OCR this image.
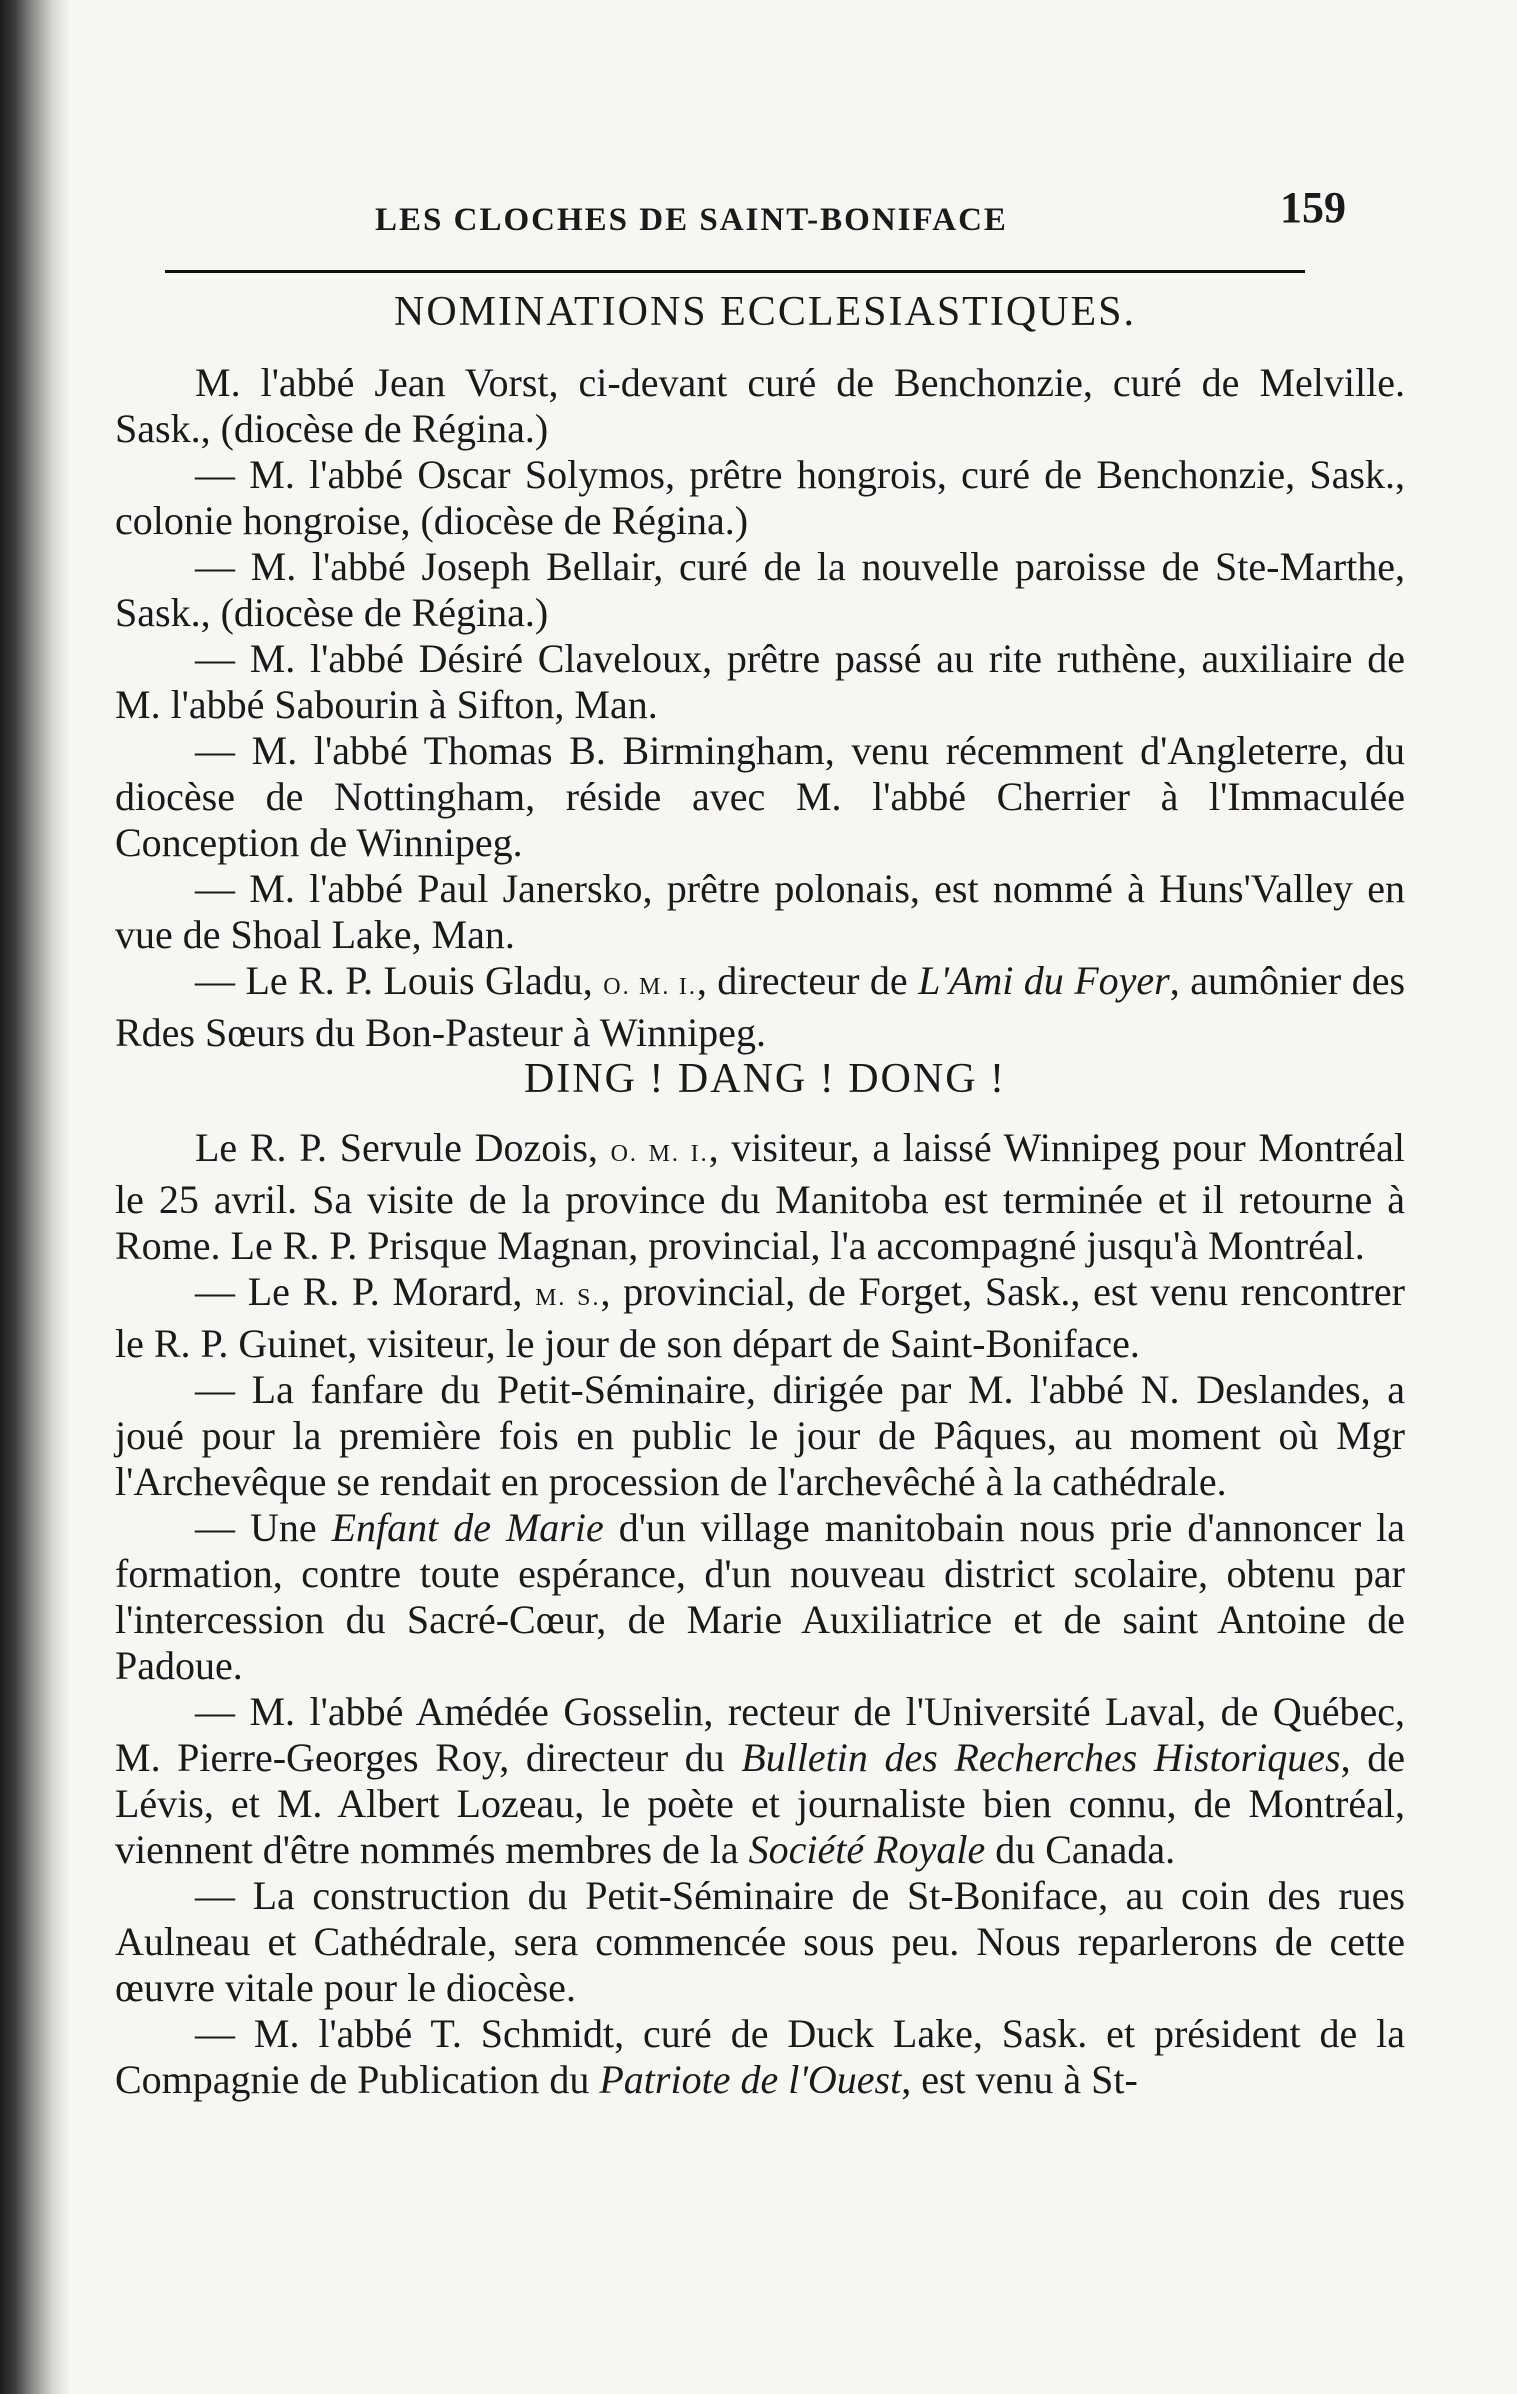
LES CLOCHES DE SAINT-BONIFACE	159
NOMINATIONS ECCLESIASTIQUES.

M. l'abbé Jean Vorst, ci-devant curé de Benchonzie, curé de Melville. Sask., (diocèse de Régina.)

— M. l'abbé Oscar Solymos, prêtre hongrois, curé de Benchonzie, Sask., colonie hongroise, (diocèse de Régina.)

— M. l'abbé Joseph Bellair, curé de la nouvelle paroisse de Ste-Marthe, Sask., (diocèse de Régina.)

— M. l'abbé Désiré Claveloux, prêtre passé au rite ruthène, auxiliaire de M. l'abbé Sabourin à Sifton, Man.

— M. l'abbé Thomas B. Birmingham, venu récemment d'Angleterre, du diocèse de Nottingham, réside avec M. l'abbé Cherrier à l'Immaculée Conception de Winnipeg.

— M. l'abbé Paul Janersko, prêtre polonais, est nommé à Huns'Valley en vue de Shoal Lake, Man.

— Le R. P. Louis Gladu, O. M. I., directeur de L'Ami du Foyer, aumônier des Rdes Sœurs du Bon-Pasteur à Winnipeg.

DING ! DANG ! DONG !

Le R. P. Servule Dozois, O. M. I., visiteur, a laissé Winnipeg pour Montréal le 25 avril. Sa visite de la province du Manitoba est terminée et il retourne à Rome. Le R. P. Prisque Magnan, provincial, l'a accompagné jusqu'à Montréal.

— Le R. P. Morard, M. S., provincial, de Forget, Sask., est venu rencontrer le R. P. Guinet, visiteur, le jour de son départ de Saint-Boniface.

— La fanfare du Petit-Séminaire, dirigée par M. l'abbé N. Deslandes, a joué pour la première fois en public le jour de Pâques, au moment où Mgr l'Archevêque se rendait en procession de l'archevêché à la cathédrale.

— Une Enfant de Marie d'un village manitobain nous prie d'annoncer la formation, contre toute espérance, d'un nouveau district scolaire, obtenu par l'intercession du Sacré-Cœur, de Marie Auxiliatrice et de saint Antoine de Padoue.

— M. l'abbé Amédée Gosselin, recteur de l'Université Laval, de Québec, M. Pierre-Georges Roy, directeur du Bulletin des Recherches Historiques, de Lévis, et M. Albert Lozeau, le poète et journaliste bien connu, de Montréal, viennent d'être nommés membres de la Société Royale du Canada.

— La construction du Petit-Séminaire de St-Boniface, au coin des rues Aulneau et Cathédrale, sera commencée sous peu. Nous reparlerons de cette œuvre vitale pour le diocèse.

— M. l'abbé T. Schmidt, curé de Duck Lake, Sask. et président de la Compagnie de Publication du Patriote de l'Ouest, est venu à St-
